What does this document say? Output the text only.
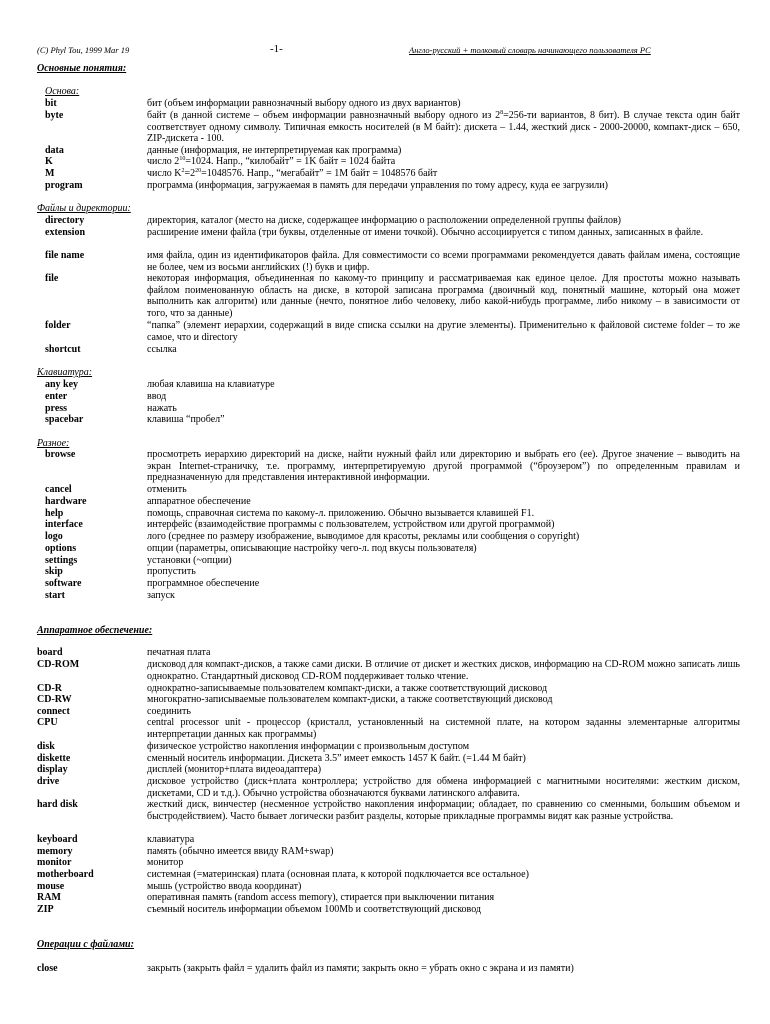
(C) Phyl Tou, 1999 Mar 19	-1-	Англо-русский + толковый словарь начинающего пользователя PC
Основные понятия:
Основа:
bit	бит (объем информации равнозначный выбору одного из двух вариантов)
byte	байт (в данной системе – объем информации равнозначный выбору одного из $2^8=256-ти$ вариантов, 8 бит). В случае текста один байт соответствует одному символу. Типичная емкость носителей (в М байт): дискета – 1.44, жесткий диск - 2000-20000, компакт-диск – 650, ZIP-дискета - 100.
data	данные (информация, не интерпретируемая как программа)
K	число $2^{10}=1024$. Напр., “килобайт” = 1K байт = 1024 байта
M	число $K^2=2^{20}=1048576$. Напр., “мегабайт” = 1M байт = 1048576 байт
program	программа (информация, загружаемая в память для передачи управления по тому адресу, куда ее загрузили)
Файлы и директории:
directory	директория, каталог (место на диске, содержащее информацию о расположении определенной группы файлов)
extension	расширение имени файла (три буквы, отделенные от имени точкой). Обычно ассоциируется с типом данных, записанных в файле.
file name	имя файла, один из идентификаторов файла. Для совместимости со всеми программами рекомендуется давать файлам имена, состоящие не более, чем из восьми английских (!) букв и цифр.
file	некоторая информация, объединенная по какому-то принципу и рассматриваемая как единое целое. Для простоты можно называть файлом поименованную область на диске, в которой записана программа (двоичный код, понятный машине, который она может выполнить как алгоритм) или данные (нечто, понятное либо человеку, либо какой-нибудь программе, либо никому – в зависимости от того, что за данные)
folder	“папка” (элемент иерархии, содержащий в виде списка ссылки на другие элементы). Применительно к файловой системе folder – то же самое, что и directory
shortcut	ссылка
Клавиатура:
any key	любая клавиша на клавиатуре
enter	ввод
press	нажать
spacebar	клавиша “пробел”
Разное:
browse	просмотреть иерархию директорий на диске, найти нужный файл или директорию и выбрать его (ее). Другое значение – выводить на экран Internet-страничку, т.е. программу, интерпретируемую другой программой (“броузером”) по определенным правилам и предназначенную для представления интерактивной информации.
cancel	отменить
hardware	аппаратное обеспечение
help	помощь, справочная система по какому-л. приложению. Обычно вызывается клавишей F1.
interface	интерфейс (взаимодействие программы с пользователем, устройством или другой программой)
logo	лого (среднее по размеру изображение, выводимое для красоты, рекламы или сообщения о copyright)
options	опции (параметры, описывающие настройку чего-л. под вкусы пользователя)
settings	установки (~опции)
skip	пропустить
software	программное обеспечение
start	запуск
Аппаратное обеспечение:
board	печатная плата
CD-ROM	дисковод для компакт-дисков, а также сами диски. В отличие от дискет и жестких дисков, информацию на CD-ROM можно записать лишь однократно. Стандартный дисковод CD-ROM поддерживает только чтение.
CD-R	однократно-записываемые пользователем компакт-диски, а также соответствующий дисковод
CD-RW	многократно-записываемые пользователем компакт-диски, а также соответствующий дисковод
connect	соединить
CPU	central processor unit - процессор (кристалл, установленный на системной плате, на котором заданны элементарные алгоритмы интерпретации данных как программы)
disk	физическое устройство накопления информации с произвольным доступом
diskette	сменный носитель информации. Дискета 3.5” имеет емкость 1457 К байт. (=1.44 М байт)
display	дисплей (монитор+плата видеоадаптера)
drive	дисковое устройство (диск+плата контроллера; устройство для обмена информацией с магнитными носителями: жестким диском, дискетами, CD и т.д.). Обычно устройства обозначаются буквами латинского алфавита.
hard disk	жесткий диск, винчестер (несменное устройство накопления информации; обладает, по сравнению со сменными, большим объемом и быстродействием). Часто бывает логически разбит разделы, которые прикладные программы видят как разные устройства.
keyboard	клавиатура
memory	память (обычно имеется ввиду RAM+swap)
monitor	монитор
motherboard	системная (=материнская) плата (основная плата, к которой подключается все остальное)
mouse	мышь (устройство ввода координат)
RAM	оперативная память (random access memory), стирается при выключении питания
ZIP	съемный носитель информации объемом 100Mb и соответствующий дисковод
Операции с файлами:
close	закрыть (закрыть файл = удалить файл из памяти; закрыть окно = убрать окно с экрана и из памяти)
